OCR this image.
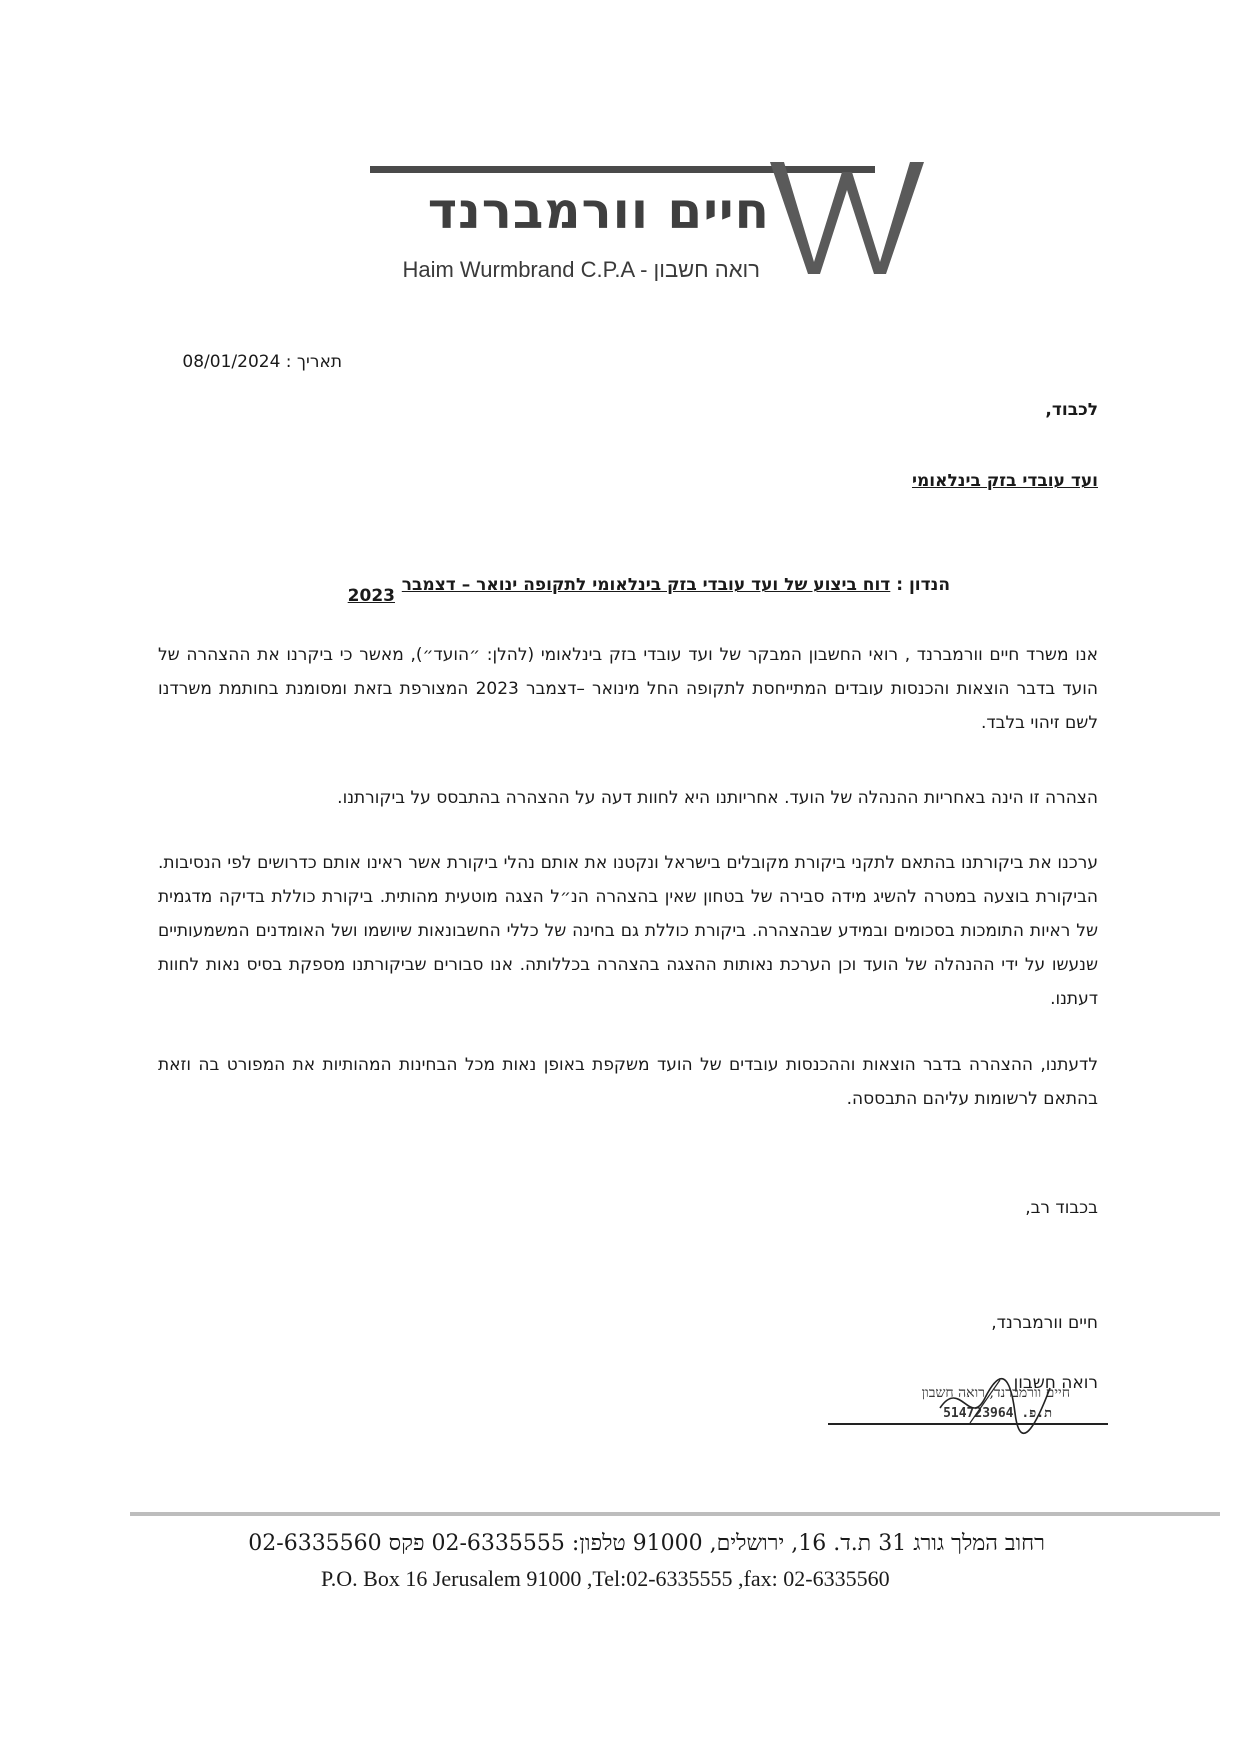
חיים וורמברנד
Haim Wurmbrand C.P.A - רואה חשבון
תאריך : 08/01/2024
לכבוד,
ועד עובדי בזק בינלאומי
הנדון : דוח ביצוע של ועד עובדי בזק בינלאומי לתקופה ינואר – דצמבר
2023
אנו משרד חיים וורמברנד , רואי החשבון המבקר של ועד עובדי בזק בינלאומי (להלן: ״הועד״), מאשר כי ביקרנו את ההצהרה של הועד בדבר הוצאות והכנסות עובדים המתייחסת לתקופה החל מינואר –דצמבר 2023 המצורפת בזאת ומסומנת בחותמת משרדנו לשם זיהוי בלבד.
הצהרה זו הינה באחריות ההנהלה של הועד. אחריותנו היא לחוות דעה על ההצהרה בהתבסס על ביקורתנו.
ערכנו את ביקורתנו בהתאם לתקני ביקורת מקובלים בישראל ונקטנו את אותם נהלי ביקורת אשר ראינו אותם כדרושים לפי הנסיבות. הביקורת בוצעה במטרה להשיג מידה סבירה של בטחון שאין בהצהרה הנ״ל הצגה מוטעית מהותית. ביקורת כוללת בדיקה מדגמית של ראיות התומכות בסכומים ובמידע שבהצהרה. ביקורת כוללת גם בחינה של כללי החשבונאות שיושמו ושל האומדנים המשמעותיים שנעשו על ידי ההנהלה של הועד וכן הערכת נאותות ההצגה בהצהרה בכללותה. אנו סבורים שביקורתנו מספקת בסיס נאות לחוות דעתנו.
לדעתנו, ההצהרה בדבר הוצאות וההכנסות עובדים של הועד משקפת באופן נאות מכל הבחינות המהותיות את המפורט בה וזאת בהתאם לרשומות עליהם התבססה.
בכבוד רב,
חיים וורמברנד,
רואה חשבון
חיים וורמברנד, רואה חשבון
ת.פ. 514723964
רחוב המלך גורג 31 ת.ד. 16, ירושלים, 91000 טלפון: 02-6335555 פקס 02-6335560
P.O. Box 16 Jerusalem 91000 ,Tel:02-6335555 ,fax: 02-6335560
